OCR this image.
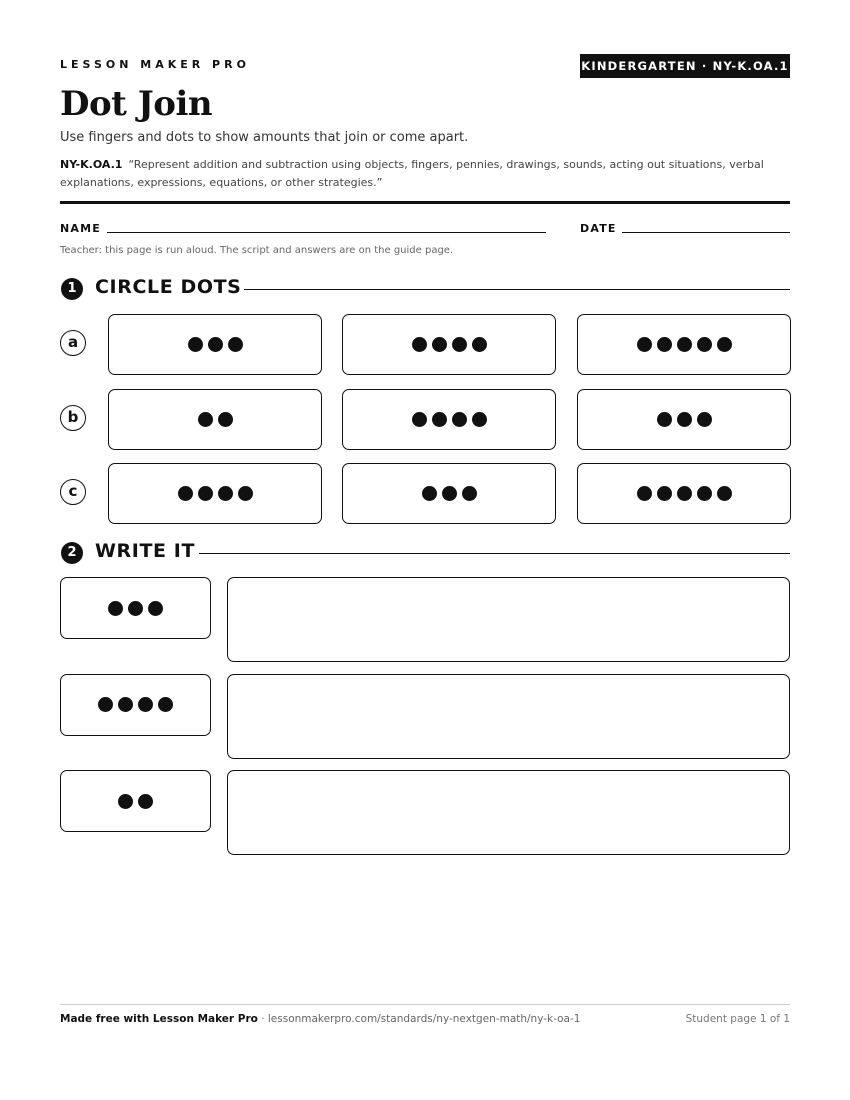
LESSON MAKER PRO	KINDERGARTEN · NY-K.OA.1
Dot Join
Use fingers and dots to show amounts that join or come apart.
NY-K.OA.1 “Represent addition and subtraction using objects, fingers, pennies, drawings, sounds, acting out situations, verbal explanations, expressions, equations, or other strategies.”
NAME	DATE
Teacher: this page is run aloud. The script and answers are on the guide page.
1 CIRCLE DOTS
a
b
c
2 WRITE IT
Made free with Lesson Maker Pro · lessonmakerpro.com/standards/ny-nextgen-math/ny-k-oa-1	Student page 1 of 1
